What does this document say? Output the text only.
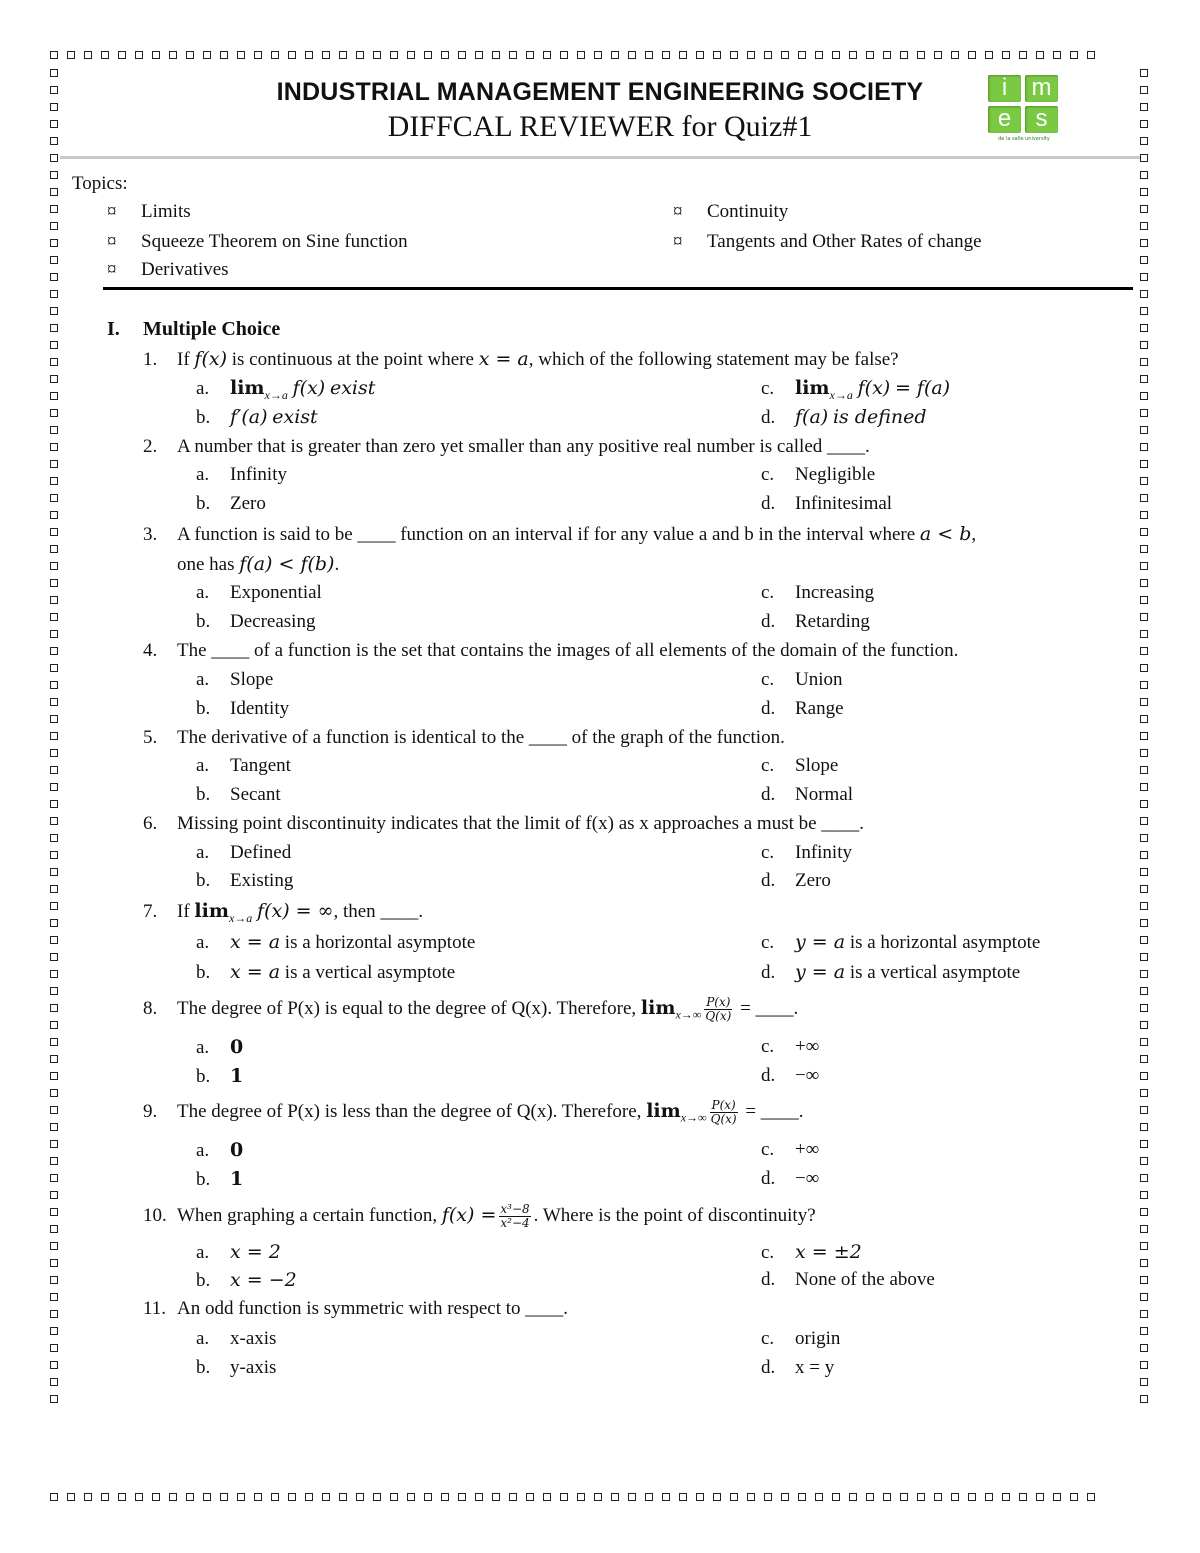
INDUSTRIAL MANAGEMENT ENGINEERING SOCIETY
DIFFCAL REVIEWER for Quiz#1
i	m
e	s
de la salle university
Topics:
¤ Limits	¤ Continuity
¤ Squeeze Theorem on Sine function	¤ Tangents and Other Rates of change
¤ Derivatives
I. Multiple Choice
1. If f(x) is continuous at the point where x = a, which of the following statement may be false?
a. $\lim_{x\to a} f(x)$ exist
b. f′(a) exist
c. $\lim_{x\to a} f(x) = f(a)$
d. f(a) is defined
2. A number that is greater than zero yet smaller than any positive real number is called ____.
a. Infinity
b. Zero
c. Negligible
d. Infinitesimal
3. A function is said to be ____ function on an interval if for any value a and b in the interval where a < b,
one has f(a) < f(b).
a. Exponential
b. Decreasing
c. Increasing
d. Retarding
4. The ____ of a function is the set that contains the images of all elements of the domain of the function.
a. Slope
b. Identity
c. Union
d. Range
5. The derivative of a function is identical to the ____ of the graph of the function.
a. Tangent
b. Secant
c. Slope
d. Normal
6. Missing point discontinuity indicates that the limit of f(x) as x approaches a must be ____.
a. Defined
b. Existing
c. Infinity
d. Zero
7. If $\lim_{x\to a} f(x)$ = ∞, then ____.
a. x = a is a horizontal asymptote
b. x = a is a vertical asymptote
c. y = a is a horizontal asymptote
d. y = a is a vertical asymptote
8. The degree of P(x) is equal to the degree of Q(x). Therefore, $\lim_{x\to\infty} \frac{P(x)}{Q(x)}$ = ____.
a. 0
b. 1
c. +∞
d. −∞
9. The degree of P(x) is less than the degree of Q(x). Therefore, $\lim_{x\to\infty} \frac{P(x)}{Q(x)}$ = ____.
a. 0
b. 1
c. +∞
d. −∞
10. When graphing a certain function, $f(x) = \frac{\text{x³−8}}{\text{x²−4}}$ . Where is the point of discontinuity?
a. x = 2
b. x = −2
c. x = ±2
d. None of the above
11. An odd function is symmetric with respect to ____.
a. x-axis
b. y-axis
c. origin
d. x = y
